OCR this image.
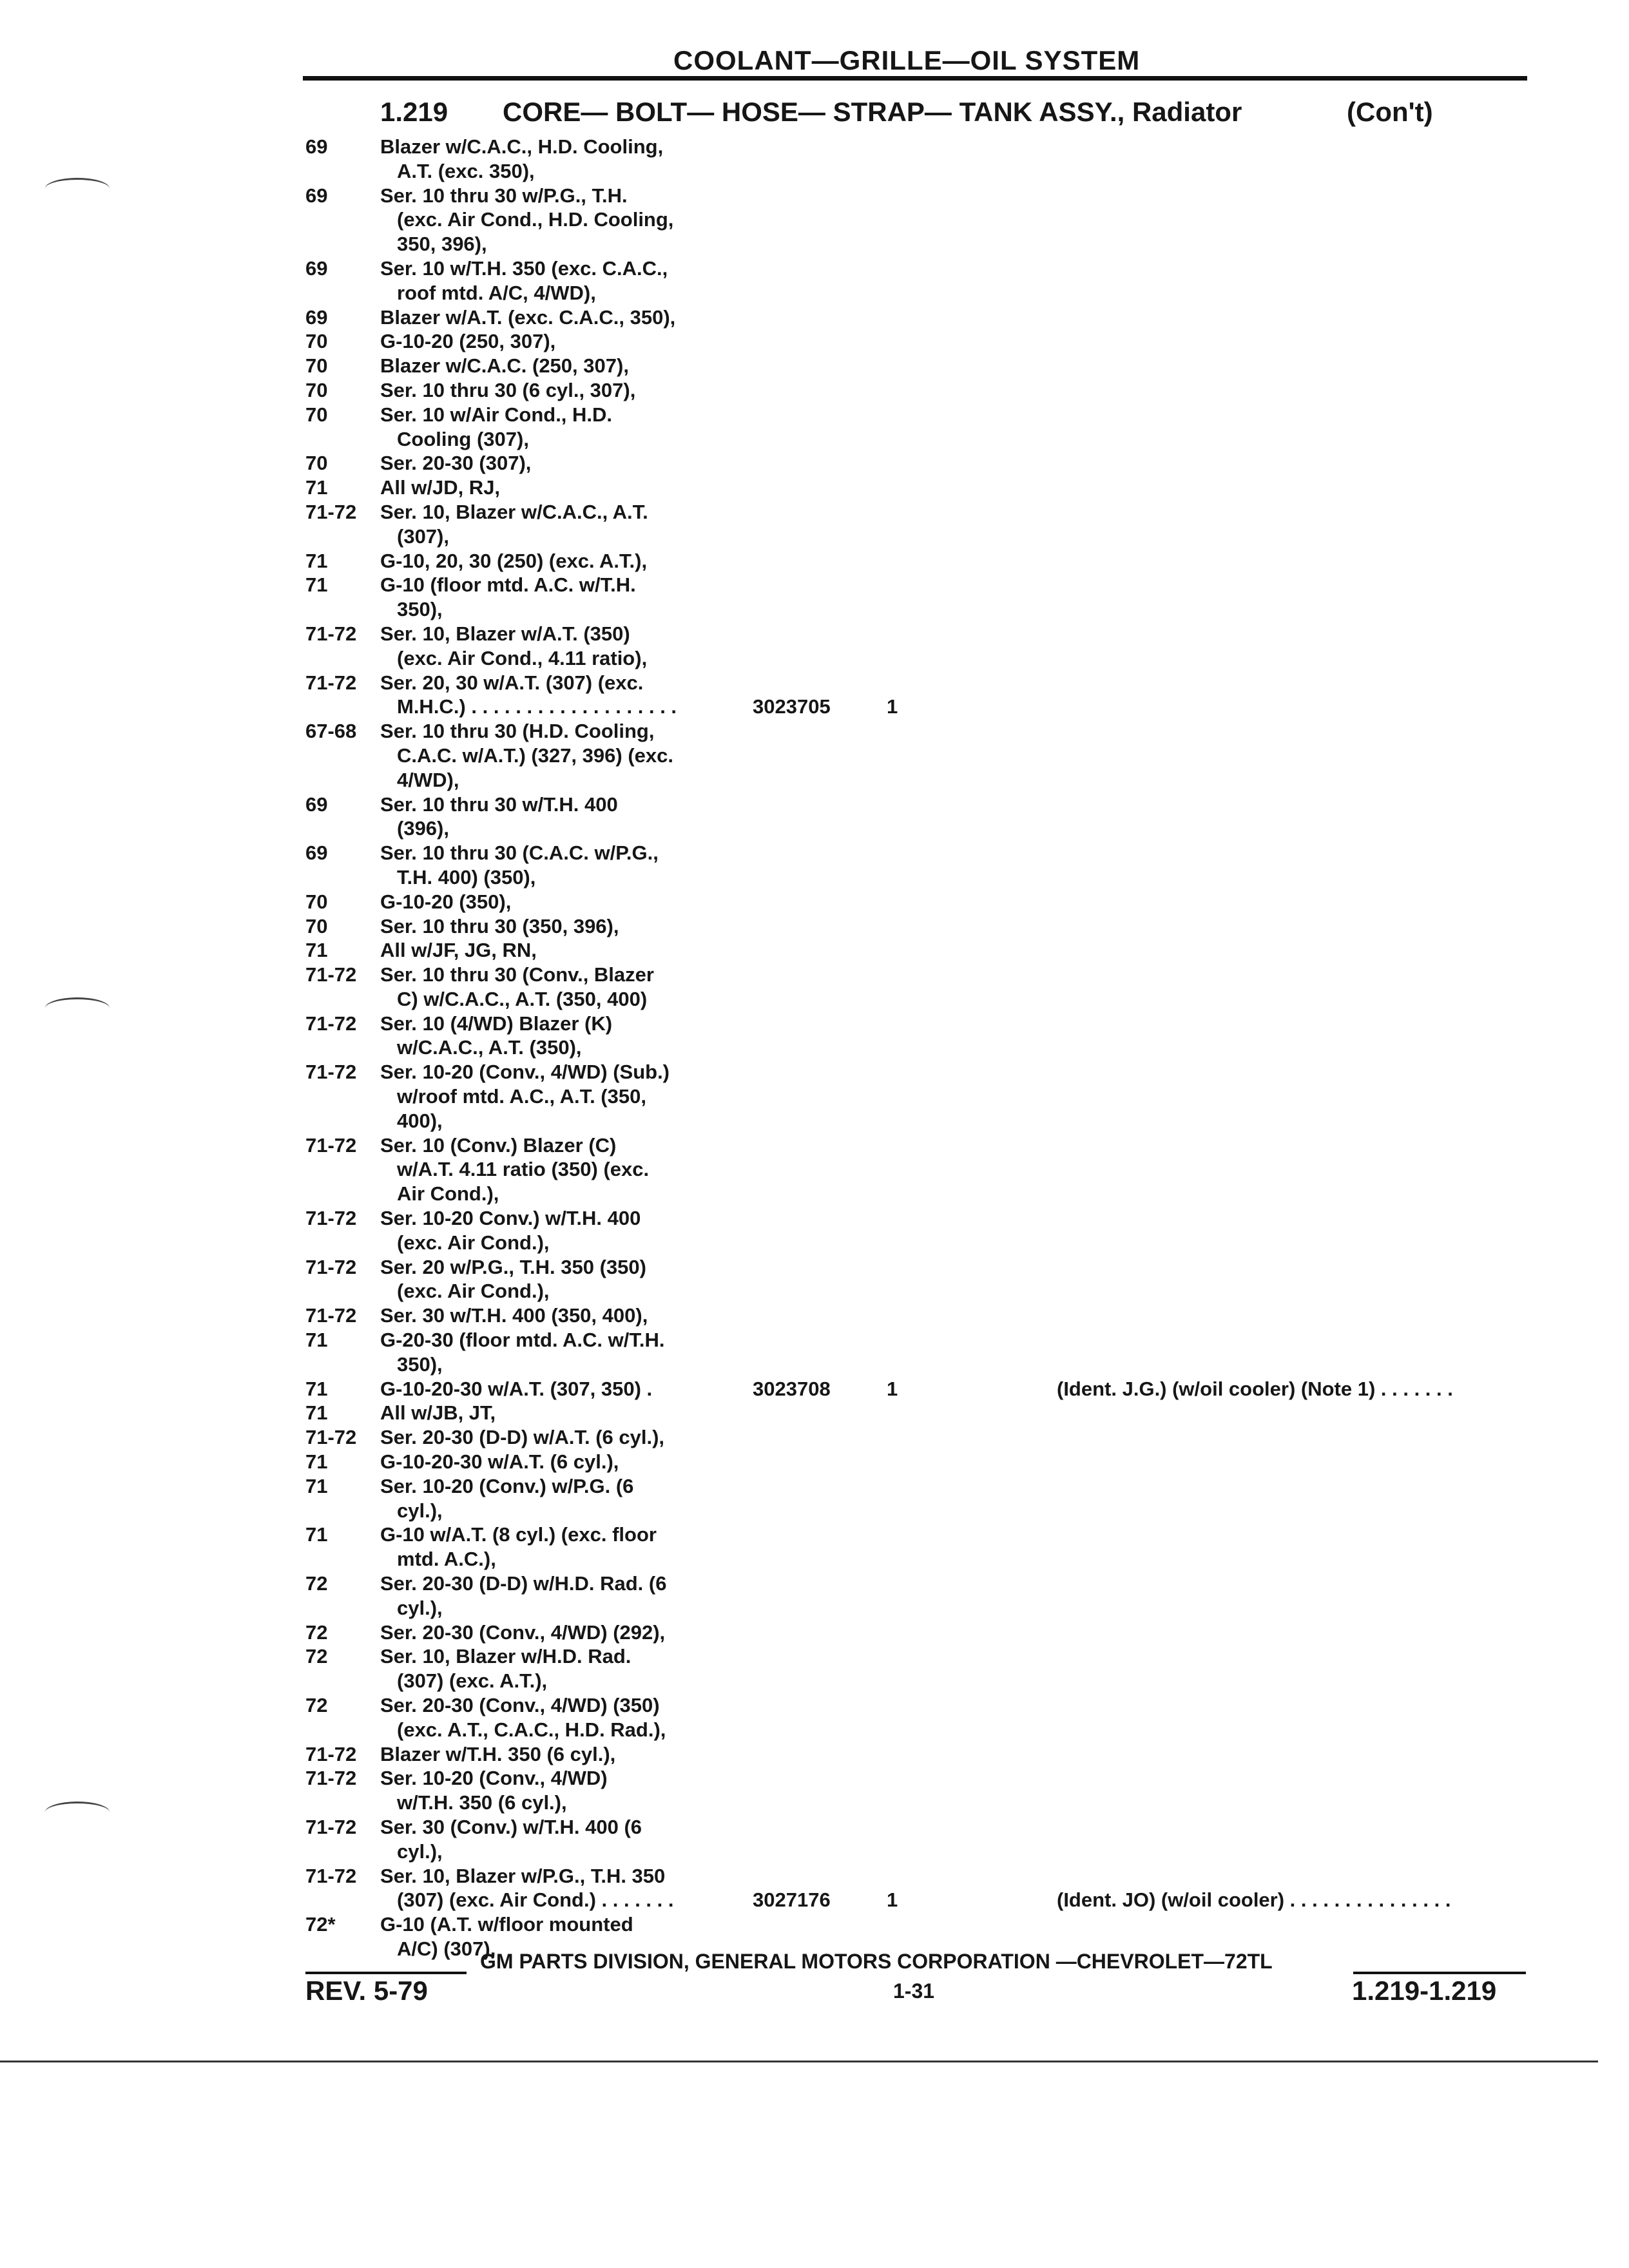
COOLANT—GRILLE—OIL SYSTEM
1.219 CORE— BOLT— HOSE— STRAP— TANK ASSY., Radiator	(Con't)
69	Blazer w/C.A.C., H.D. Cooling,
A.T. (exc. 350),
69	Ser. 10 thru 30 w/P.G., T.H.
(exc. Air Cond., H.D. Cooling,
350, 396),
69	Ser. 10 w/T.H. 350 (exc. C.A.C.,
roof mtd. A/C, 4/WD),
69	Blazer w/A.T. (exc. C.A.C., 350),
70	G-10-20 (250, 307),
70	Blazer w/C.A.C. (250, 307),
70	Ser. 10 thru 30 (6 cyl., 307),
70	Ser. 10 w/Air Cond., H.D.
Cooling (307),
70	Ser. 20-30 (307),
71	All w/JD, RJ,
71-72	Ser. 10, Blazer w/C.A.C., A.T.
(307),
71	G-10, 20, 30 (250) (exc. A.T.),
71	G-10 (floor mtd. A.C. w/T.H.
350),
71-72	Ser. 10, Blazer w/A.T. (350)
(exc. Air Cond., 4.11 ratio),
71-72	Ser. 20, 30 w/A.T. (307) (exc.
M.H.C.) . . . . . . . . . . . . . . . . . . .	3023705	1
67-68	Ser. 10 thru 30 (H.D. Cooling,
C.A.C. w/A.T.) (327, 396) (exc.
4/WD),
69	Ser. 10 thru 30 w/T.H. 400
(396),
69	Ser. 10 thru 30 (C.A.C. w/P.G.,
T.H. 400) (350),
70	G-10-20 (350),
70	Ser. 10 thru 30 (350, 396),
71	All w/JF, JG, RN,
71-72	Ser. 10 thru 30 (Conv., Blazer
C) w/C.A.C., A.T. (350, 400)
71-72	Ser. 10 (4/WD) Blazer (K)
w/C.A.C., A.T. (350),
71-72	Ser. 10-20 (Conv., 4/WD) (Sub.)
w/roof mtd. A.C., A.T. (350,
400),
71-72	Ser. 10 (Conv.) Blazer (C)
w/A.T. 4.11 ratio (350) (exc.
Air Cond.),
71-72	Ser. 10-20 Conv.) w/T.H. 400
(exc. Air Cond.),
71-72	Ser. 20 w/P.G., T.H. 350 (350)
(exc. Air Cond.),
71-72	Ser. 30 w/T.H. 400 (350, 400),
71	G-20-30 (floor mtd. A.C. w/T.H.
350),
71	G-10-20-30 w/A.T. (307, 350) .	3023708	1	(Ident. J.G.) (w/oil cooler) (Note 1) . . . . . . .
71	All w/JB, JT,
71-72	Ser. 20-30 (D-D) w/A.T. (6 cyl.),
71	G-10-20-30 w/A.T. (6 cyl.),
71	Ser. 10-20 (Conv.) w/P.G. (6
cyl.),
71	G-10 w/A.T. (8 cyl.) (exc. floor
mtd. A.C.),
72	Ser. 20-30 (D-D) w/H.D. Rad. (6
cyl.),
72	Ser. 20-30 (Conv., 4/WD) (292),
72	Ser. 10, Blazer w/H.D. Rad.
(307) (exc. A.T.),
72	Ser. 20-30 (Conv., 4/WD) (350)
(exc. A.T., C.A.C., H.D. Rad.),
71-72	Blazer w/T.H. 350 (6 cyl.),
71-72	Ser. 10-20 (Conv., 4/WD)
w/T.H. 350 (6 cyl.),
71-72	Ser. 30 (Conv.) w/T.H. 400 (6
cyl.),
71-72	Ser. 10, Blazer w/P.G., T.H. 350
(307) (exc. Air Cond.) . . . . . . .	3027176	1	(Ident. JO) (w/oil cooler) . . . . . . . . . . . . . . .
72*	G-10 (A.T. w/floor mounted
A/C) (307),
GM PARTS DIVISION, GENERAL MOTORS CORPORATION —CHEVROLET—72TL
REV. 5-79	1-31	1.219-1.219
